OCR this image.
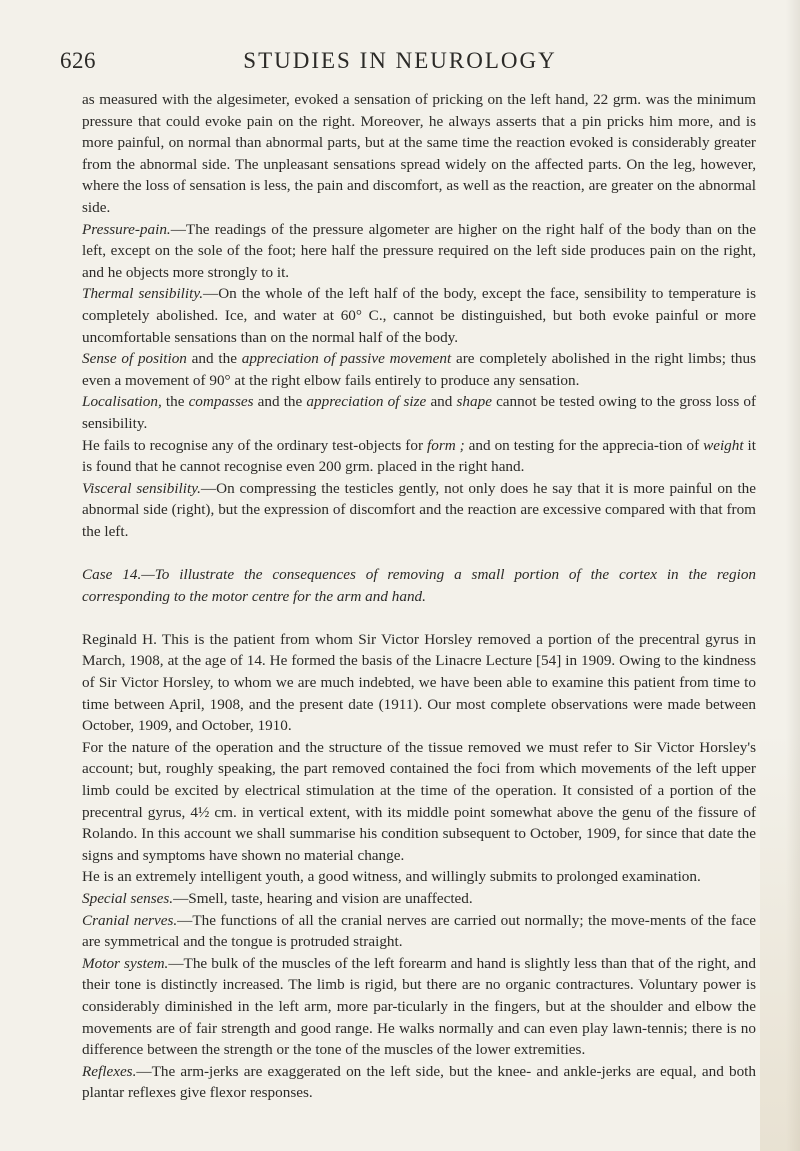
626	STUDIES IN NEUROLOGY

as measured with the algesimeter, evoked a sensation of pricking on the left hand, 22 grm. was the minimum pressure that could evoke pain on the right. Moreover, he always asserts that a pin pricks him more, and is more painful, on normal than abnormal parts, but at the same time the reaction evoked is considerably greater from the abnormal side. The unpleasant sensations spread widely on the affected parts. On the leg, however, where the loss of sensation is less, the pain and discomfort, as well as the reaction, are greater on the abnormal side.

Pressure-pain.—The readings of the pressure algometer are higher on the right half of the body than on the left, except on the sole of the foot; here half the pressure required on the left side produces pain on the right, and he objects more strongly to it.

Thermal sensibility.—On the whole of the left half of the body, except the face, sensibility to temperature is completely abolished. Ice, and water at 60° C., cannot be distinguished, but both evoke painful or more uncomfortable sensations than on the normal half of the body.

Sense of position and the appreciation of passive movement are completely abolished in the right limbs; thus even a movement of 90° at the right elbow fails entirely to produce any sensation.

Localisation, the compasses and the appreciation of size and shape cannot be tested owing to the gross loss of sensibility.

He fails to recognise any of the ordinary test-objects for form ; and on testing for the apprecia-tion of weight it is found that he cannot recognise even 200 grm. placed in the right hand.

Visceral sensibility.—On compressing the testicles gently, not only does he say that it is more painful on the abnormal side (right), but the expression of discomfort and the reaction are excessive compared with that from the left.

Case 14.—To illustrate the consequences of removing a small portion of the cortex in the region corresponding to the motor centre for the arm and hand.

Reginald H. This is the patient from whom Sir Victor Horsley removed a portion of the precentral gyrus in March, 1908, at the age of 14. He formed the basis of the Linacre Lecture [54] in 1909. Owing to the kindness of Sir Victor Horsley, to whom we are much indebted, we have been able to examine this patient from time to time between April, 1908, and the present date (1911). Our most complete observations were made between October, 1909, and October, 1910.

For the nature of the operation and the structure of the tissue removed we must refer to Sir Victor Horsley's account; but, roughly speaking, the part removed contained the foci from which movements of the left upper limb could be excited by electrical stimulation at the time of the operation. It consisted of a portion of the precentral gyrus, 4½ cm. in vertical extent, with its middle point somewhat above the genu of the fissure of Rolando. In this account we shall summarise his condition subsequent to October, 1909, for since that date the signs and symptoms have shown no material change.

He is an extremely intelligent youth, a good witness, and willingly submits to prolonged examination.

Special senses.—Smell, taste, hearing and vision are unaffected.

Cranial nerves.—The functions of all the cranial nerves are carried out normally; the move-ments of the face are symmetrical and the tongue is protruded straight.

Motor system.—The bulk of the muscles of the left forearm and hand is slightly less than that of the right, and their tone is distinctly increased. The limb is rigid, but there are no organic contractures. Voluntary power is considerably diminished in the left arm, more par-ticularly in the fingers, but at the shoulder and elbow the movements are of fair strength and good range. He walks normally and can even play lawn-tennis; there is no difference between the strength or the tone of the muscles of the lower extremities.

Reflexes.—The arm-jerks are exaggerated on the left side, but the knee- and ankle-jerks are equal, and both plantar reflexes give flexor responses.
